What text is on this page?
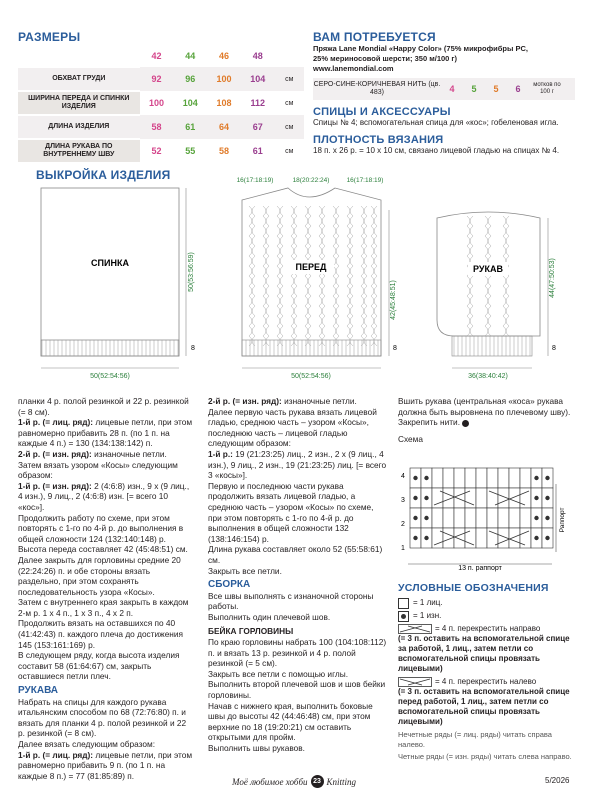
РАЗМЕРЫ
	42	44	46	48	
ОБХВАТ ГРУДИ	92	96	100	104	см
ШИРИНА ПЕРЕДА И СПИНКИ ИЗДЕЛИЯ	100	104	108	112	см
ДЛИНА ИЗДЕЛИЯ	58	61	64	67	см
ДЛИНА РУКАВА ПО ВНУТРЕННЕМУ ШВУ	52	55	58	61	см
ВАМ ПОТРЕБУЕТСЯ
Пряжа Lane Mondial «Happy Color» (75% микрофибры PC,
25% мериносовой шерсти; 350 м/100 г)
www.lanemondial.com
СЕРО-СИНЕ-КОРИЧНЕВАЯ НИТЬ (цв. 483)	4	5	5	6	мотков по 100 г
СПИЦЫ И АКСЕССУАРЫ
Спицы № 4; вспомогательная спица для «кос»; гобеленовая игла.
ПЛОТНОСТЬ ВЯЗАНИЯ
18 п. х 26 р. = 10 х 10 см, связано лицевой гладью на спицах № 4.
ВЫКРОЙКА ИЗДЕЛИЯ
СПИНКА
50(52:54:56)
50(53:56:59)
8
ПЕРЕД
50(52:54:56)
16(17:18:19)	18(20:22:24)	16(17:18:19)
42(45:48:51)
8
РУКАВ
36(38:40:42)
44(47:50:53)
8
планки 4 р. полой резинкой и 22 р. резинкой (= 8 см).
1-й р. (= лиц. ряд): лицевые петли, при этом равномерно прибавить 28 п. (по 1 п. на каждые 4 п.) = 130 (134:138:142) п.
2-й р. (= изн. ряд): изнаночные петли.
Затем вязать узором «Косы» следующим образом:
1-й р. (= изн. ряд): 2 (4:6:8) изн., 9 х (9 лиц., 4 изн.), 9 лиц., 2 (4:6:8) изн. [= всего 10 «кос»].
Продолжить работу по схеме, при этом повторять с 1-го по 4-й р. до выполнения в общей сложности 124 (132:140:148) р.
Высота переда составляет 42 (45:48:51) см.
Далее закрыть для горловины средние 20 (22:24:26) п. и обе стороны вязать раздельно, при этом сохранять последовательность узора «Косы».
Затем с внутреннего края закрыть в каждом 2-м р. 1 х 4 п., 1 х 3 п., 4 х 2 п.
Продолжить вязать на оставшихся по 40 (41:42:43) п. каждого плеча до достижения 145 (153:161:169) р.
В следующем ряду, когда высота изделия составит 58 (61:64:67) см, закрыть оставшиеся петли плеч.
РУКАВА
Набрать на спицы для каждого рукава итальянским способом по 68 (72:76:80) п. и вязать для планки 4 р. полой резинкой и 22 р. резинкой (= 8 см).
Далее вязать следующим образом:
1-й р. (= лиц. ряд): лицевые петли, при этом равномерно прибавить 9 п. (по 1 п. на каждые 8 п.) = 77 (81:85:89) п.
2-й р. (= изн. ряд): изнаночные петли.
Далее первую часть рукава вязать лицевой гладью, среднюю часть – узором «Косы», последнюю часть – лицевой гладью следующим образом:
1-й р.: 19 (21:23:25) лиц., 2 изн., 2 х (9 лиц., 4 изн.), 9 лиц., 2 изн., 19 (21:23:25) лиц. [= всего 3 «косы»].
Первую и последнюю части рукава продолжить вязать лицевой гладью, а среднюю часть – узором «Косы» по схеме, при этом повторять с 1-го по 4-й р. до выполнения в общей сложности 132 (138:146:154) р.
Длина рукава составляет около 52 (55:58:61) см.
Закрыть все петли.
СБОРКА
Все швы выполнять с изнаночной стороны работы.
Выполнить один плечевой шов.
БЕЙКА ГОРЛОВИНЫ
По краю горловины набрать 100 (104:108:112) п. и вязать 13 р. резинкой и 4 р. полой резинкой (= 5 см).
Закрыть все петли с помощью иглы.
Выполнить второй плечевой шов и шов бейки горловины.
Начав с нижнего края, выполнить боковые швы до высоты 42 (44:46:48) см, при этом верхние по 18 (19:20:21) см оставить открытыми для пройм.
Выполнить швы рукавов.
Вшить рукава (центральная «коса» рукава должна быть выровнена по плечевому шву).
Закрепить нити.
Схема
4
3
2
1
Раппорт
13 п. раппорт
УСЛОВНЫЕ ОБОЗНАЧЕНИЯ
= 1 лиц.
= 1 изн.
= 4 п. перекрестить направо
(= 3 п. оставить на вспомогательной спице за работой, 1 лиц., затем петли со вспомогательной спицы провязать лицевыми)
= 4 п. перекрестить налево
(= 3 п. оставить на вспомогательной спице перед работой, 1 лиц., затем петли со вспомогательной спицы провязать лицевыми)
Нечетные ряды (= лиц. ряды) читать справа налево.
Четные ряды (= изн. ряды) читать слева направо.
Моё любимое хобби 23 Knitting	5/2026
